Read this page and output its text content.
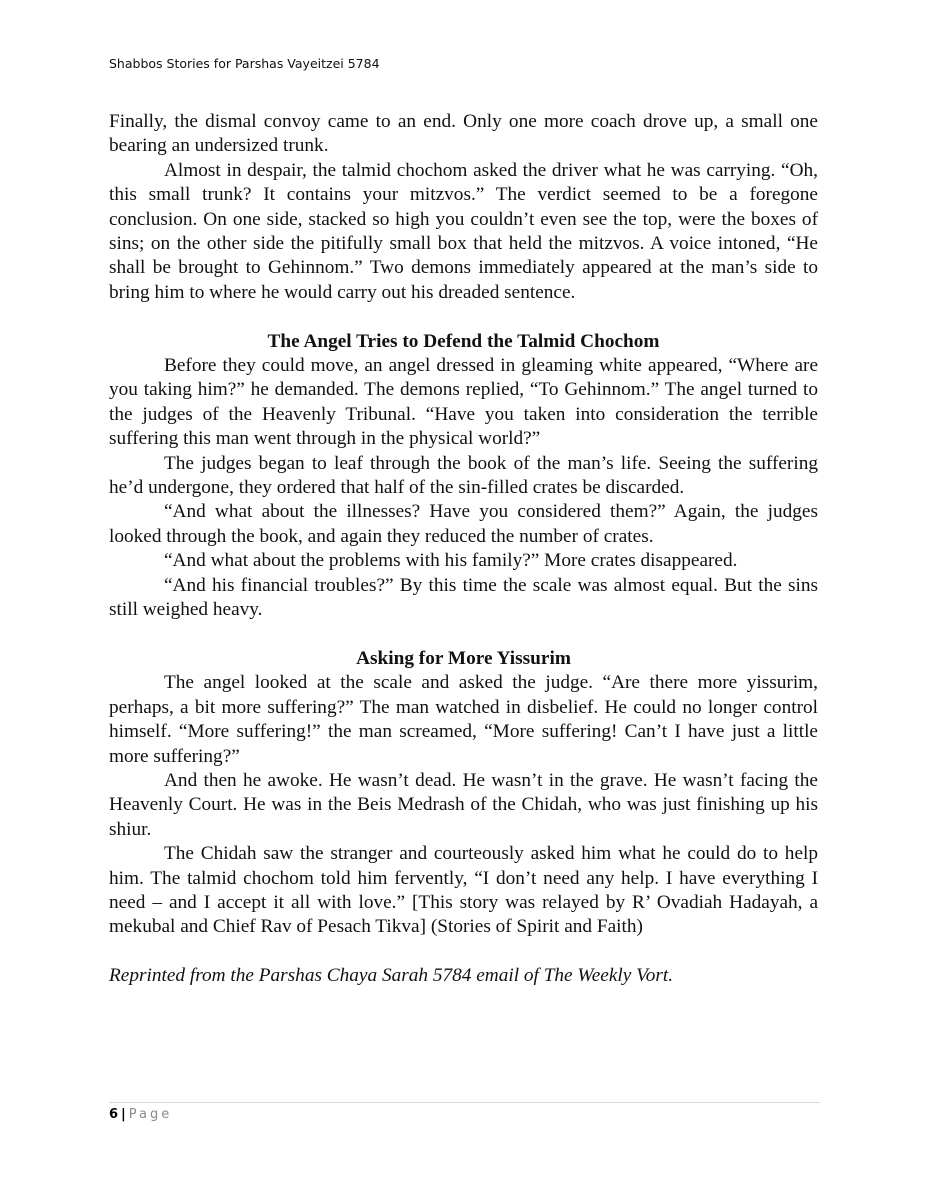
Shabbos Stories for Parshas Vayeitzei 5784

Finally, the dismal convoy came to an end. Only one more coach drove up, a small one bearing an undersized trunk.

Almost in despair, the talmid chochom asked the driver what he was carrying. “Oh, this small trunk? It contains your mitzvos.” The verdict seemed to be a foregone conclusion. On one side, stacked so high you couldn’t even see the top, were the boxes of sins; on the other side the pitifully small box that held the mitzvos. A voice intoned, “He shall be brought to Gehinnom.” Two demons immediately appeared at the man’s side to bring him to where he would carry out his dreaded sentence.

The Angel Tries to Defend the Talmid Chochom

Before they could move, an angel dressed in gleaming white appeared, “Where are you taking him?” he demanded. The demons replied, “To Gehinnom.” The angel turned to the judges of the Heavenly Tribunal. “Have you taken into consideration the terrible suffering this man went through in the physical world?”

The judges began to leaf through the book of the man’s life. Seeing the suffering he’d undergone, they ordered that half of the sin-filled crates be discarded.

“And what about the illnesses? Have you considered them?” Again, the judges looked through the book, and again they reduced the number of crates.

“And what about the problems with his family?” More crates disappeared.

“And his financial troubles?” By this time the scale was almost equal. But the sins still weighed heavy.

Asking for More Yissurim

The angel looked at the scale and asked the judge. “Are there more yissurim, perhaps, a bit more suffering?” The man watched in disbelief. He could no longer control himself. “More suffering!” the man screamed, “More suffering! Can’t I have just a little more suffering?”

And then he awoke. He wasn’t dead. He wasn’t in the grave. He wasn’t facing the Heavenly Court. He was in the Beis Medrash of the Chidah, who was just finishing up his shiur.

The Chidah saw the stranger and courteously asked him what he could do to help him. The talmid chochom told him fervently, “I don’t need any help. I have everything I need – and I accept it all with love.” [This story was relayed by R’ Ovadiah Hadayah, a mekubal and Chief Rav of Pesach Tikva] (Stories of Spirit and Faith)

Reprinted from the Parshas Chaya Sarah 5784 email of The Weekly Vort.

6 | Page
